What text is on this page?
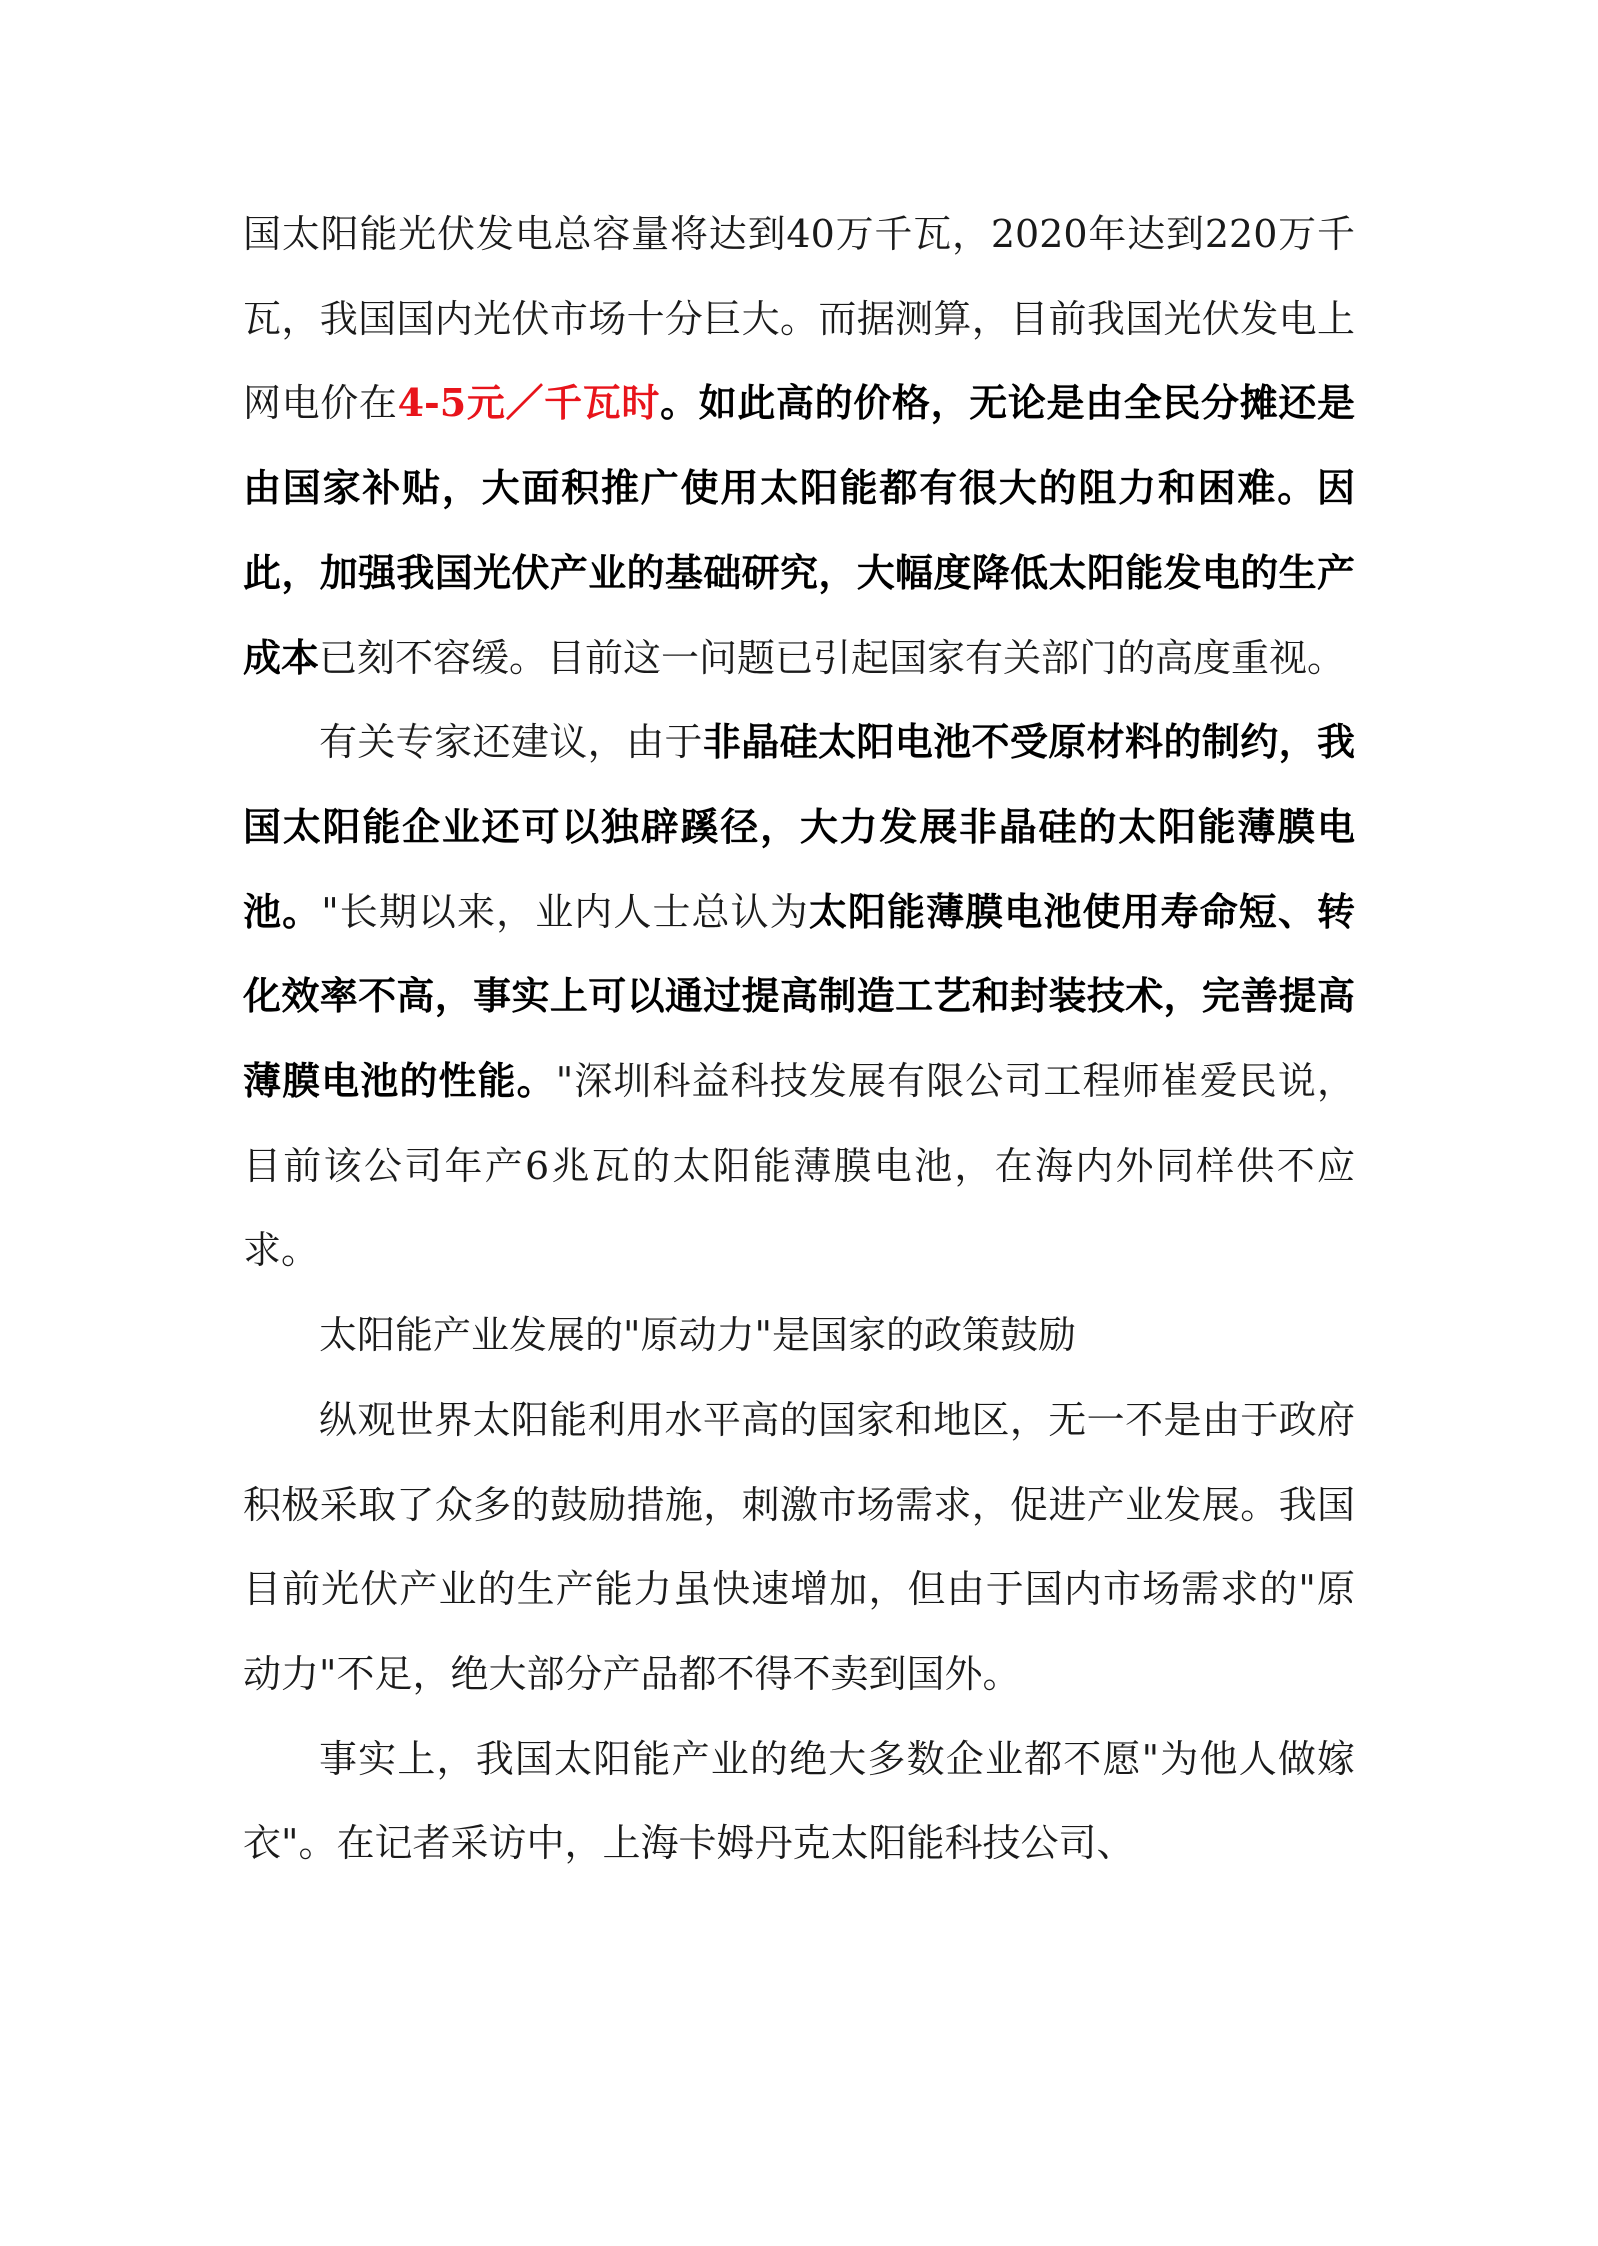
国太阳能光伏发电总容量将达到40万千瓦，2020年达到220万千瓦，我国国内光伏市场十分巨大。而据测算，目前我国光伏发电上网电价在4-5元／千瓦时。如此高的价格，无论是由全民分摊还是由国家补贴，大面积推广使用太阳能都有很大的阻力和困难。因此，加强我国光伏产业的基础研究，大幅度降低太阳能发电的生产成本已刻不容缓。目前这一问题已引起国家有关部门的高度重视。

有关专家还建议，由于非晶硅太阳电池不受原材料的制约，我国太阳能企业还可以独辟蹊径，大力发展非晶硅的太阳能薄膜电池。"长期以来，业内人士总认为太阳能薄膜电池使用寿命短、转化效率不高，事实上可以通过提高制造工艺和封装技术，完善提高薄膜电池的性能。"深圳科益科技发展有限公司工程师崔爱民说，目前该公司年产6兆瓦的太阳能薄膜电池，在海内外同样供不应求。

太阳能产业发展的"原动力"是国家的政策鼓励

纵观世界太阳能利用水平高的国家和地区，无一不是由于政府积极采取了众多的鼓励措施，刺激市场需求，促进产业发展。我国目前光伏产业的生产能力虽快速增加，但由于国内市场需求的"原动力"不足，绝大部分产品都不得不卖到国外。

事实上，我国太阳能产业的绝大多数企业都不愿"为他人做嫁衣"。在记者采访中，上海卡姆丹克太阳能科技公司、
